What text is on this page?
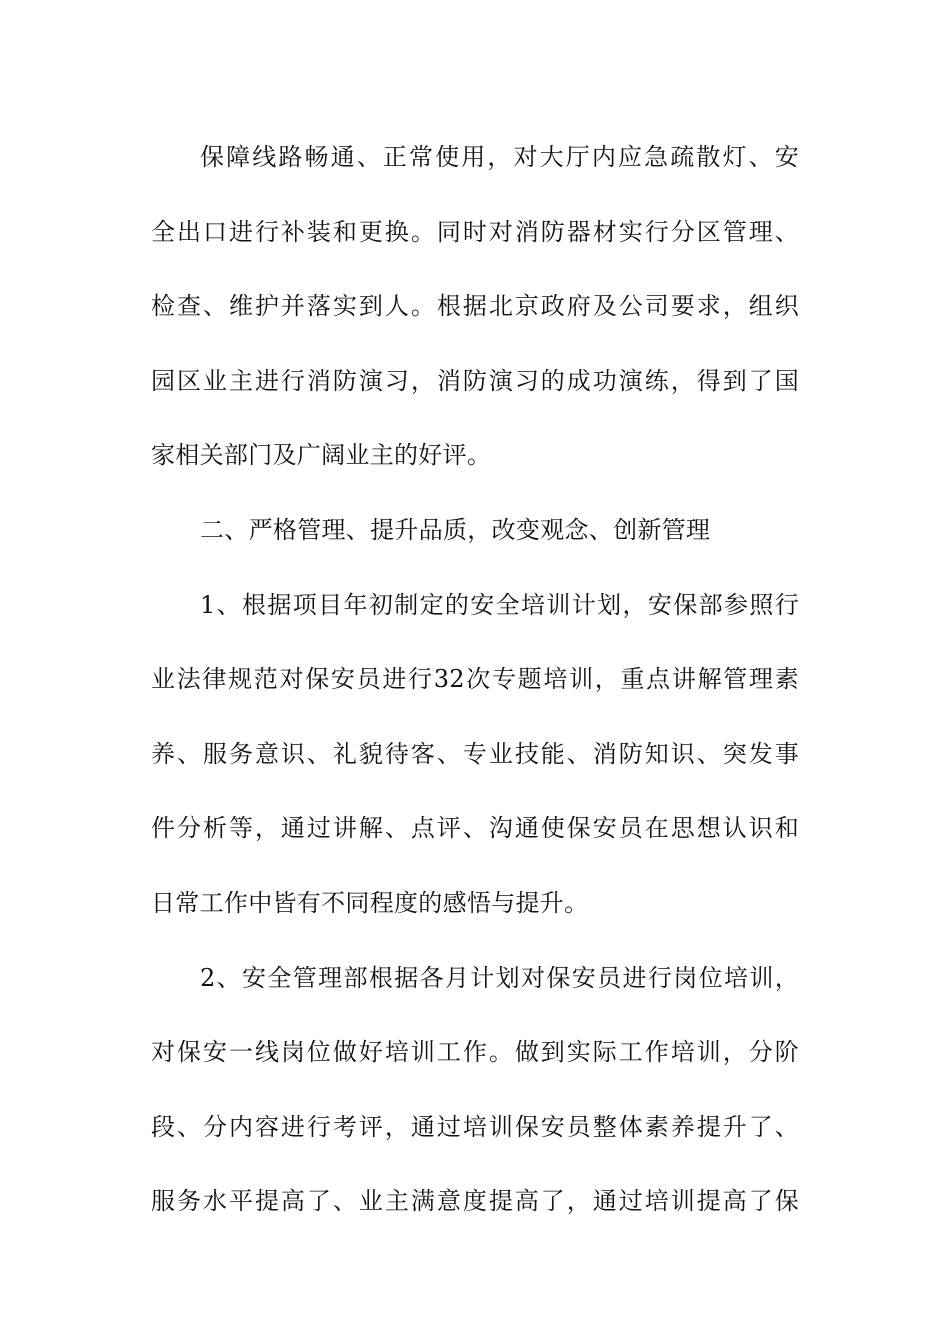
保障线路畅通、正常使用，对大厅内应急疏散灯、安
全出口进行补装和更换。同时对消防器材实行分区管理、
检查、维护并落实到人。根据北京政府及公司要求，组织
园区业主进行消防演习，消防演习的成功演练，得到了国
家相关部门及广阔业主的好评。
二、严格管理、提升品质，改变观念、创新管理
1、根据项目年初制定的安全培训计划，安保部参照行
业法律规范对保安员进行32次专题培训，重点讲解管理素
养、服务意识、礼貌待客、专业技能、消防知识、突发事
件分析等，通过讲解、点评、沟通使保安员在思想认识和
日常工作中皆有不同程度的感悟与提升。
2、安全管理部根据各月计划对保安员进行岗位培训，
对保安一线岗位做好培训工作。做到实际工作培训，分阶
段、分内容进行考评，通过培训保安员整体素养提升了、
服务水平提高了、业主满意度提高了，通过培训提高了保
